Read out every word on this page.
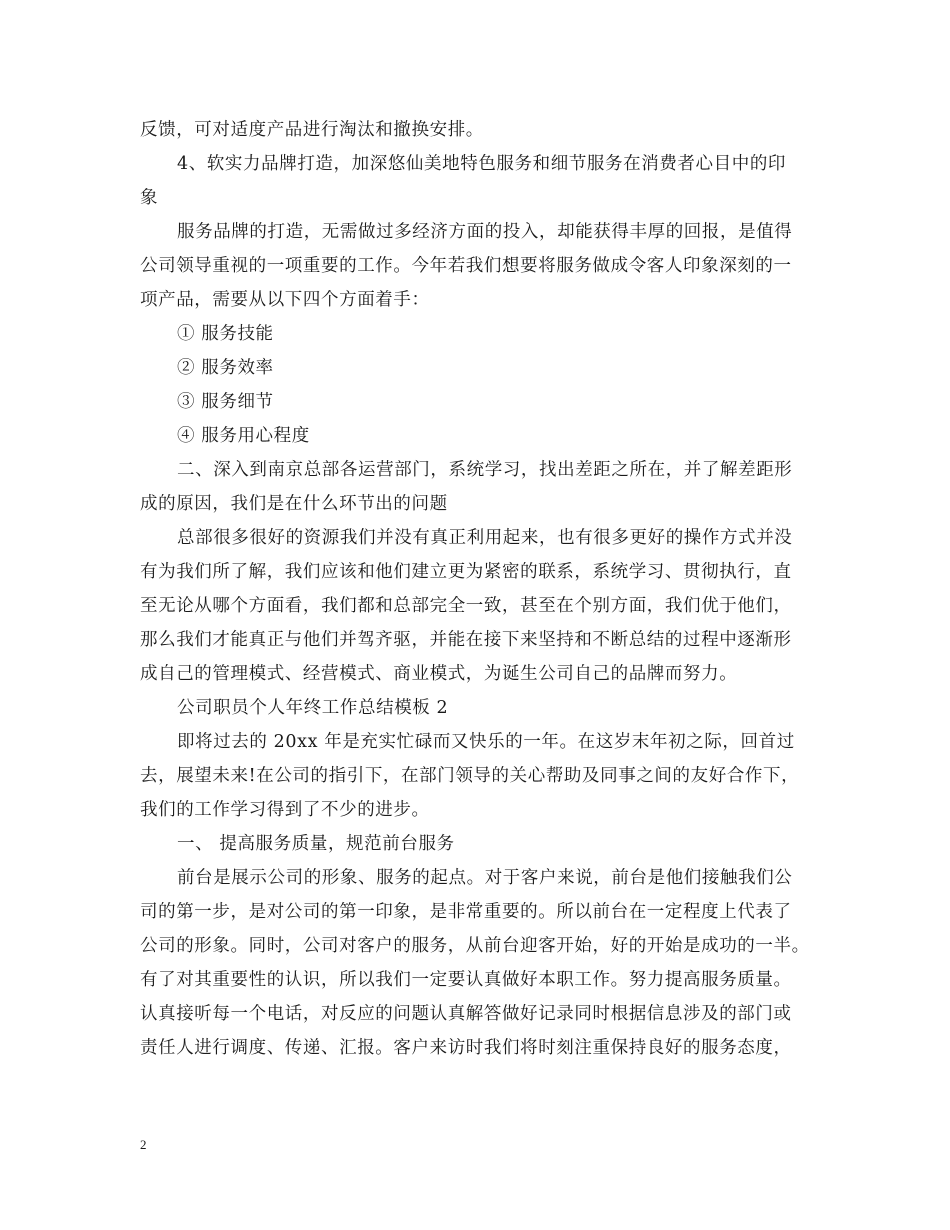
反馈，可对适度产品进行淘汰和撤换安排。
4、软实力品牌打造，加深悠仙美地特色服务和细节服务在消费者心目中的印
象
服务品牌的打造，无需做过多经济方面的投入，却能获得丰厚的回报，是值得
公司领导重视的一项重要的工作。今年若我们想要将服务做成令客人印象深刻的一
项产品，需要从以下四个方面着手：
① 服务技能
② 服务效率
③ 服务细节
④ 服务用心程度
二、深入到南京总部各运营部门，系统学习，找出差距之所在，并了解差距形
成的原因，我们是在什么环节出的问题
总部很多很好的资源我们并没有真正利用起来，也有很多更好的操作方式并没
有为我们所了解，我们应该和他们建立更为紧密的联系，系统学习、贯彻执行，直
至无论从哪个方面看，我们都和总部完全一致，甚至在个别方面，我们优于他们，
那么我们才能真正与他们并驾齐驱，并能在接下来坚持和不断总结的过程中逐渐形
成自己的管理模式、经营模式、商业模式，为诞生公司自己的品牌而努力。
公司职员个人年终工作总结模板 2
即将过去的 20xx 年是充实忙碌而又快乐的一年。在这岁末年初之际，回首过
去，展望未来!在公司的指引下，在部门领导的关心帮助及同事之间的友好合作下，
我们的工作学习得到了不少的进步。
一、 提高服务质量，规范前台服务
前台是展示公司的形象、服务的起点。对于客户来说，前台是他们接触我们公
司的第一步，是对公司的第一印象，是非常重要的。所以前台在一定程度上代表了
公司的形象。同时，公司对客户的服务，从前台迎客开始，好的开始是成功的一半。
有了对其重要性的认识，所以我们一定要认真做好本职工作。努力提高服务质量。
认真接听每一个电话，对反应的问题认真解答做好记录同时根据信息涉及的部门或
责任人进行调度、传递、汇报。客户来访时我们将时刻注重保持良好的服务态度，
2
